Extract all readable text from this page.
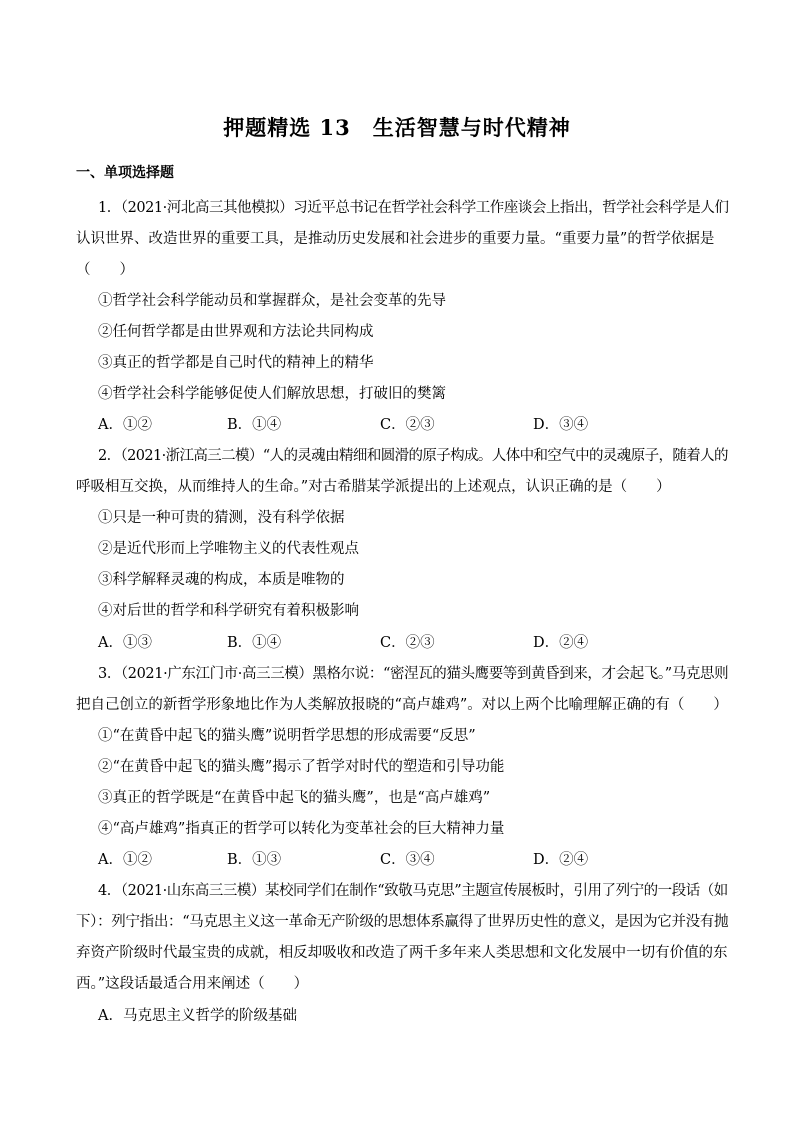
押题精选 13　生活智慧与时代精神
一、单项选择题
1．（2021·河北高三其他模拟）习近平总书记在哲学社会科学工作座谈会上指出，哲学社会科学是人们
认识世界、改造世界的重要工具，是推动历史发展和社会进步的重要力量。“重要力量”的哲学依据是
（　　）
①哲学社会科学能动员和掌握群众，是社会变革的先导
②任何哲学都是由世界观和方法论共同构成
③真正的哲学都是自己时代的精神上的精华
④哲学社会科学能够促使人们解放思想，打破旧的樊篱
A．①②	B．①④	C．②③	D．③④
2．（2021·浙江高三二模）“人的灵魂由精细和圆滑的原子构成。人体中和空气中的灵魂原子，随着人的
呼吸相互交换，从而维持人的生命。”对古希腊某学派提出的上述观点，认识正确的是（　　）
①只是一种可贵的猜测，没有科学依据
②是近代形而上学唯物主义的代表性观点
③科学解释灵魂的构成，本质是唯物的
④对后世的哲学和科学研究有着积极影响
A．①③	B．①④	C．②③	D．②④
3．（2021·广东江门市·高三三模）黑格尔说：“密涅瓦的猫头鹰要等到黄昏到来，才会起飞。”马克思则
把自己创立的新哲学形象地比作为人类解放报晓的“高卢雄鸡”。对以上两个比喻理解正确的有（　　）
①“在黄昏中起飞的猫头鹰”说明哲学思想的形成需要“反思”
②“在黄昏中起飞的猫头鹰”揭示了哲学对时代的塑造和引导功能
③真正的哲学既是“在黄昏中起飞的猫头鹰”，也是“高卢雄鸡”
④“高卢雄鸡”指真正的哲学可以转化为变革社会的巨大精神力量
A．①②	B．①③	C．③④	D．②④
4．（2021·山东高三三模）某校同学们在制作“致敬马克思”主题宣传展板时，引用了列宁的一段话（如
下）：列宁指出：“马克思主义这一革命无产阶级的思想体系赢得了世界历史性的意义，是因为它并没有抛
弃资产阶级时代最宝贵的成就，相反却吸收和改造了两千多年来人类思想和文化发展中一切有价值的东
西。”这段话最适合用来阐述（　　）
A．马克思主义哲学的阶级基础
